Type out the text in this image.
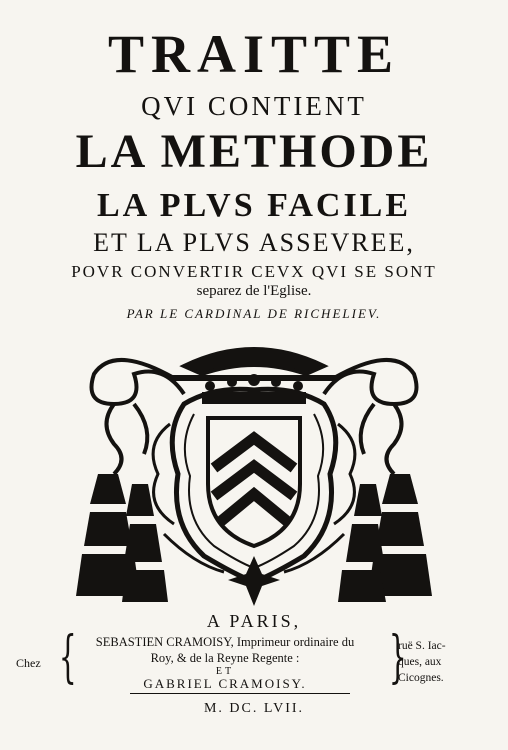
TRAITTE
QVI CONTIENT
LA METHODE
LA PLVS FACILE
ET LA PLVS ASSEVREE,
POVR CONVERTIR CEVX QVI SE SONT
separez de l'Eglise.
PAR LE CARDINAL DE RICHELIEV.
A PARIS,
Chez {	SEBASTIEN CRAMOISY, Imprimeur ordinaire du
Roy, & de la Reyne Regente :
ET
GABRIEL CRAMOISY.	}
ruë S. Iac-
ques, aux
Cicognes.
M. DC. LVII.
